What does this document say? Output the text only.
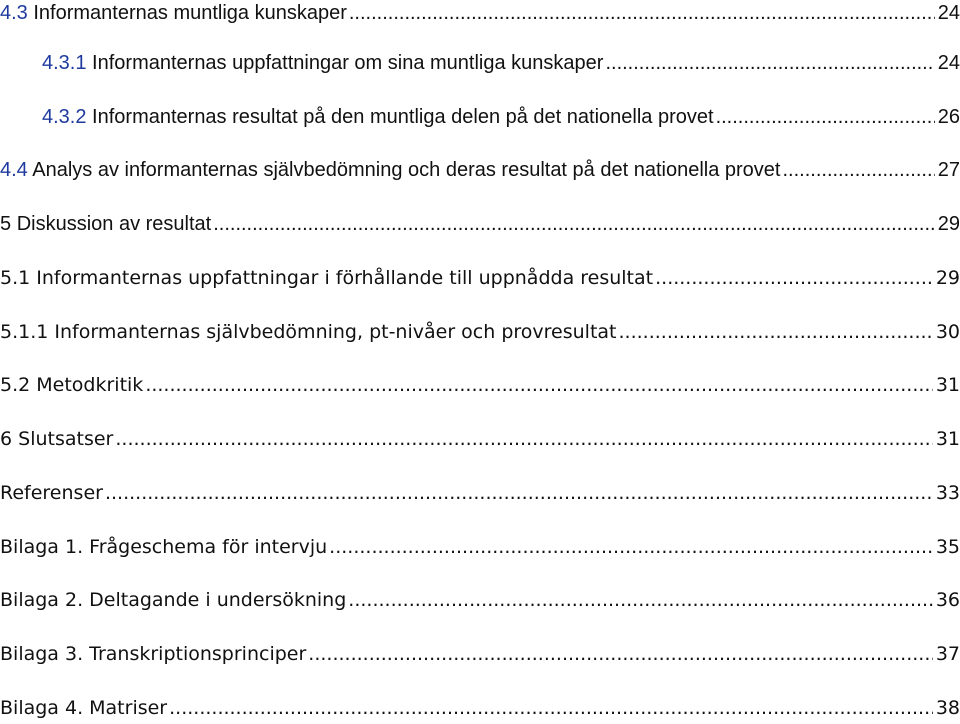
4.3 Informanternas muntliga kunskaper .....	24
4.3.1 Informanternas uppfattningar om sina muntliga kunskaper .....	24
4.3.2 Informanternas resultat på den muntliga delen på det nationella provet .....	26
4.4 Analys av informanternas självbedömning och deras resultat på det nationella provet .....	27
5 Diskussion av resultat .....	29
5.1 Informanternas uppfattningar i förhållande till uppnådda resultat .....	29
5.1.1 Informanternas självbedömning, pt-nivåer och provresultat .....	30
5.2 Metodkritik .....	31
6 Slutsatser .....	31
Referenser .....	33
Bilaga 1. Frågeschema för intervju .....	35
Bilaga 2. Deltagande i undersökning .....	36
Bilaga 3. Transkriptionsprinciper .....	37
Bilaga 4. Matriser .....	38
